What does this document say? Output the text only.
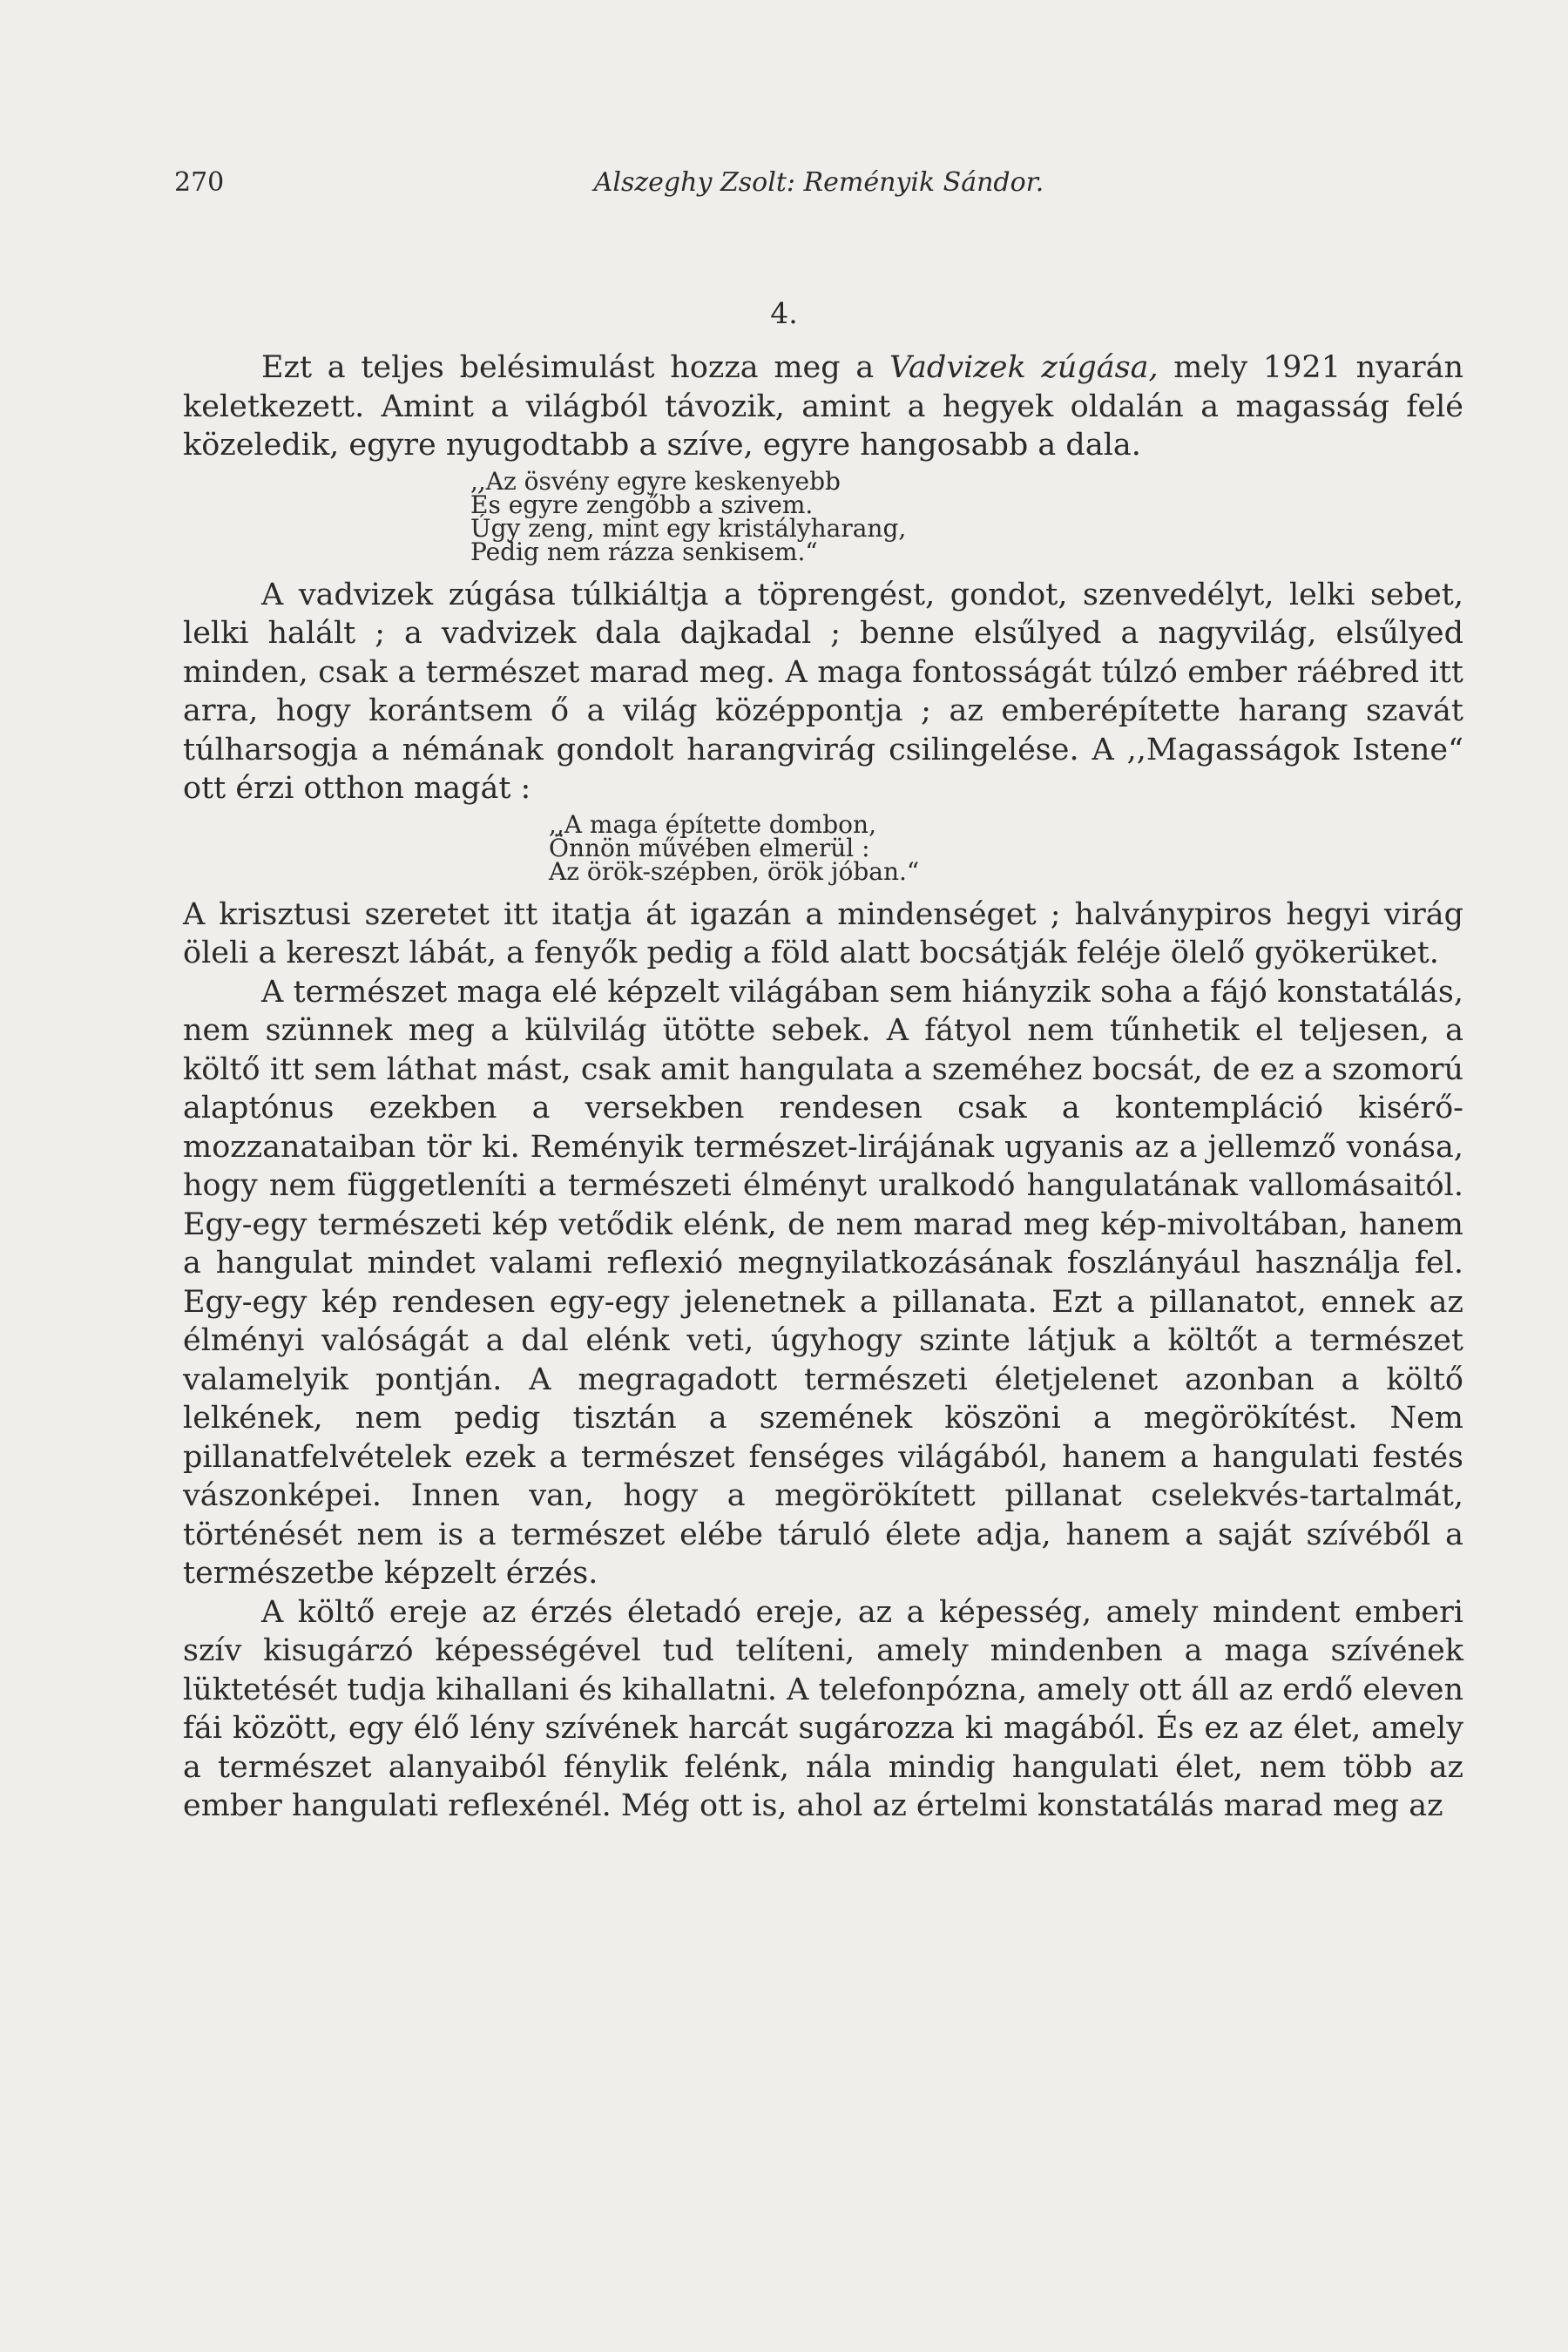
270	Alszeghy Zsolt: Reményik Sándor.
4.

Ezt a teljes belésimulást hozza meg a Vadvizek zúgása, mely 1921 nyarán keletkezett. Amint a világból távozik, amint a hegyek oldalán a magasság felé közeledik, egyre nyugodtabb a szíve, egyre hangosabb a dala.

,,Az ösvény egyre keskenyebb
És egyre zengőbb a szivem.
Úgy zeng, mint egy kristályharang,
Pedig nem rázza senkisem.“

A vadvizek zúgása túlkiáltja a töprengést, gondot, szenvedélyt, lelki sebet, lelki halált ; a vadvizek dala dajkadal ; benne elsűlyed a nagyvilág, elsűlyed minden, csak a természet marad meg. A maga fontosságát túlzó ember ráébred itt arra, hogy korántsem ő a világ középpontja ; az emberépítette harang szavát túlharsogja a némának gondolt harangvirág csilingelése. A ,,Magasságok Istene“ ott érzi otthon magát :

,,A maga építette dombon,
Önnön művében elmerül :
Az örök-szépben, örök jóban.“

A krisztusi szeretet itt itatja át igazán a mindenséget ; halványpiros hegyi virág öleli a kereszt lábát, a fenyők pedig a föld alatt bocsátják feléje ölelő gyökerüket.

A természet maga elé képzelt világában sem hiányzik soha a fájó konstatálás, nem szünnek meg a külvilág ütötte sebek. A fátyol nem tűnhetik el teljesen, a költő itt sem láthat mást, csak amit hangulata a szeméhez bocsát, de ez a szomorú alaptónus ezekben a versekben rendesen csak a kontempláció kisérő-mozzanataiban tör ki. Reményik természet-lirájának ugyanis az a jellemző vonása, hogy nem függetleníti a természeti élményt uralkodó hangulatának vallomásaitól. Egy-egy természeti kép vetődik elénk, de nem marad meg kép-mivoltában, hanem a hangulat mindet valami reflexió megnyilatkozásának foszlányául használja fel. Egy-egy kép rendesen egy-egy jelenetnek a pillanata. Ezt a pillanatot, ennek az élményi valóságát a dal elénk veti, úgyhogy szinte látjuk a költőt a természet valamelyik pontján. A megragadott természeti életjelenet azonban a költő lelkének, nem pedig tisztán a szemének köszöni a megörökítést. Nem pillanatfelvételek ezek a természet fenséges világából, hanem a hangulati festés vászonképei. Innen van, hogy a megörökített pillanat cselekvés-tartalmát, történését nem is a természet elébe táruló élete adja, hanem a saját szívéből a természetbe képzelt érzés.

A költő ereje az érzés életadó ereje, az a képesség, amely mindent emberi szív kisugárzó képességével tud telíteni, amely mindenben a maga szívének lüktetését tudja kihallani és kihallatni. A telefonpózna, amely ott áll az erdő eleven fái között, egy élő lény szívének harcát sugározza ki magából. És ez az élet, amely a természet alanyaiból fénylik felénk, nála mindig hangulati élet, nem több az ember hangulati reflexénél. Még ott is, ahol az értelmi konstatálás marad meg az
